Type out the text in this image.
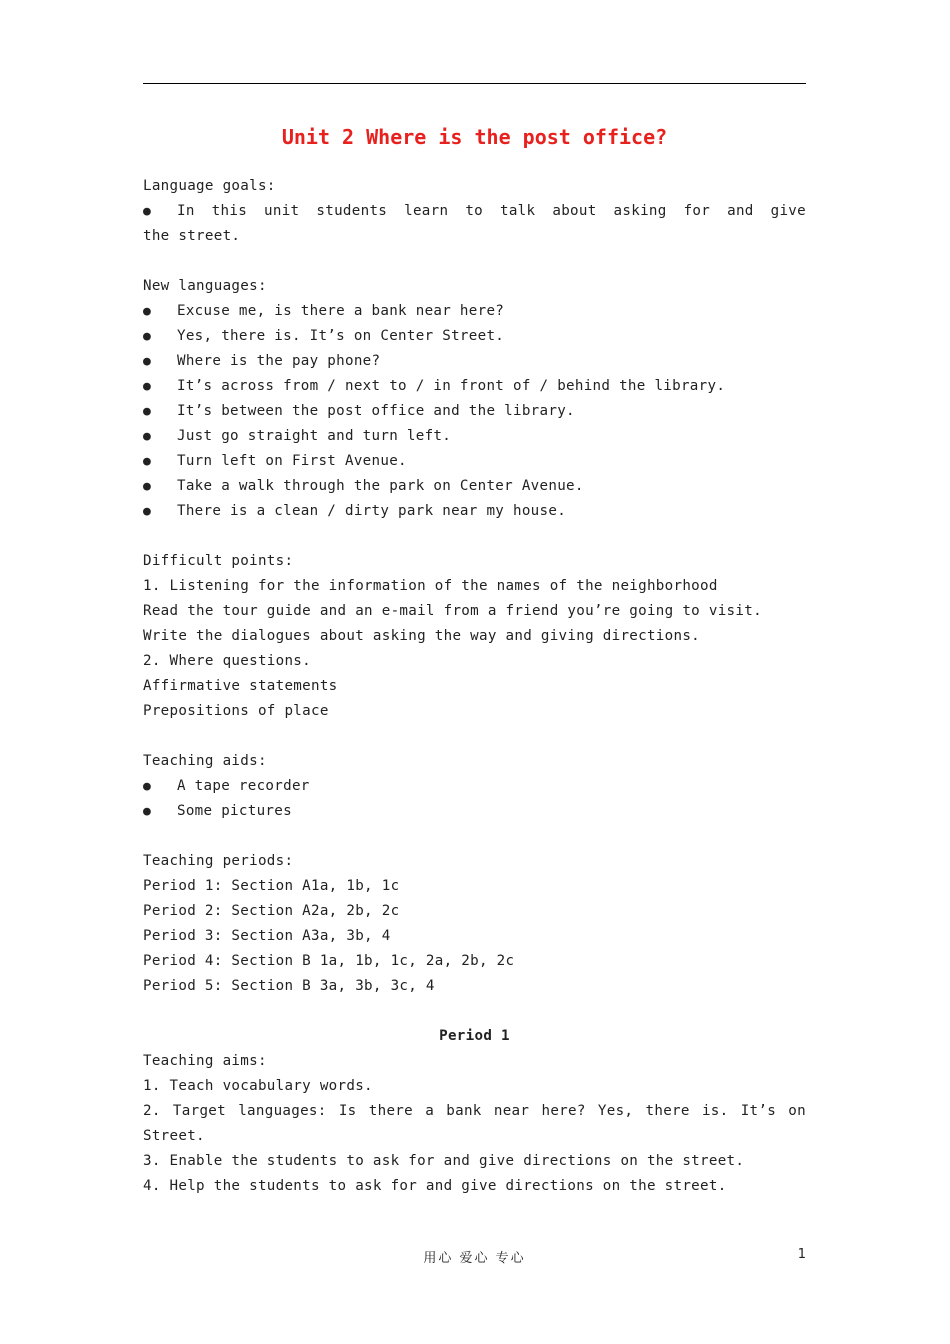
Unit 2 Where is the post office?
Language goals:
●	In this unit students learn to talk about asking for and give
the street.
New languages:
●	Excuse me, is there a bank near here?
●	Yes, there is. It’s on Center Street.
●	Where is the pay phone?
●	It’s across from / next to / in front of / behind the library.
●	It’s between the post office and the library.
●	Just go straight and turn left.
●	Turn left on First Avenue.
●	Take a walk through the park on Center Avenue.
●	There is a clean / dirty park near my house.
Difficult points:
1. Listening for the information of the names of the neighborhood
Read the tour guide and an e-mail from a friend you’re going to visit.
Write the dialogues about asking the way and giving directions.
2. Where questions.
Affirmative statements
Prepositions of place
Teaching aids:
●	A tape recorder
●	Some pictures
Teaching periods:
Period 1: Section A1a, 1b, 1c
Period 2: Section A2a, 2b, 2c
Period 3: Section A3a, 3b, 4
Period 4: Section B 1a, 1b, 1c, 2a, 2b, 2c
Period 5: Section B 3a, 3b, 3c, 4
Period 1
Teaching aims:
1. Teach vocabulary words.
2. Target languages: Is there a bank near here? Yes, there is. It’s on
Street.
3. Enable the students to ask for and give directions on the street.
4. Help the students to ask for and give directions on the street.
用心 爱心 专心	1
